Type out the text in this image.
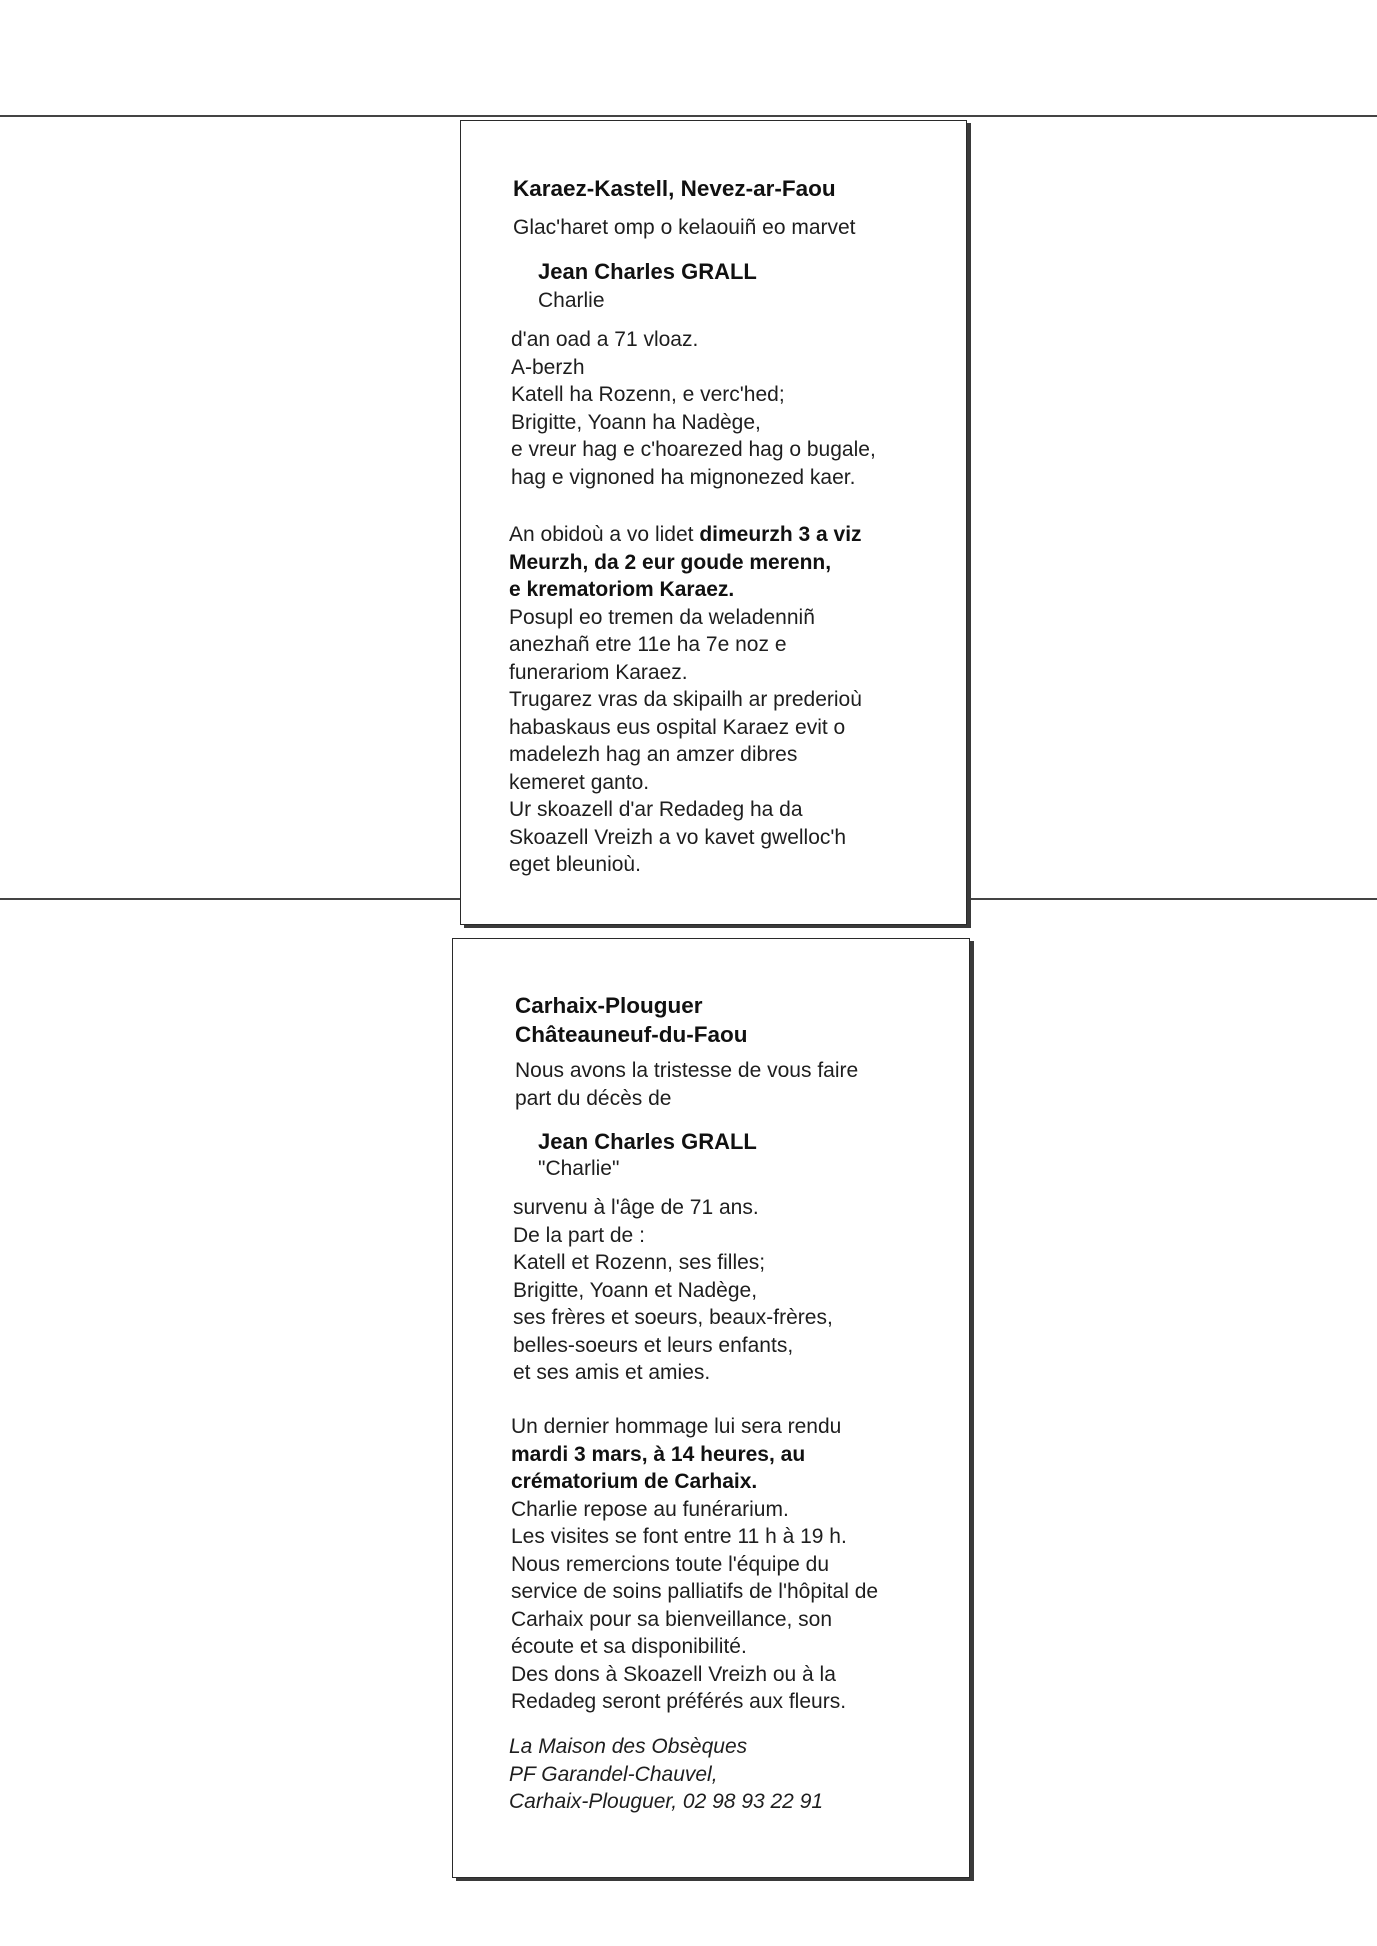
Karaez-Kastell, Nevez-ar-Faou
Glac'haret omp o kelaouiñ eo marvet
Jean Charles GRALL
Charlie
d'an oad a 71 vloaz.
A-berzh
Katell ha Rozenn, e verc'hed;
Brigitte, Yoann ha Nadège,
e vreur hag e c'hoarezed hag o bugale,
hag e vignoned ha mignonezed kaer.
An obidoù a vo lidet dimeurzh 3 a viz
Meurzh, da 2 eur goude merenn,
e krematoriom Karaez.
Posupl eo tremen da weladenniñ
anezhañ etre 11e ha 7e noz e
funerariom Karaez.
Trugarez vras da skipailh ar prederioù
habaskaus eus ospital Karaez evit o
madelezh hag an amzer dibres
kemeret ganto.
Ur skoazell d'ar Redadeg ha da
Skoazell Vreizh a vo kavet gwelloc'h
eget bleunioù.
Carhaix-Plouguer
Châteauneuf-du-Faou
Nous avons la tristesse de vous faire
part du décès de
Jean Charles GRALL
"Charlie"
survenu à l'âge de 71 ans.
De la part de :
Katell et Rozenn, ses filles;
Brigitte, Yoann et Nadège,
ses frères et soeurs, beaux-frères,
belles-soeurs et leurs enfants,
et ses amis et amies.
Un dernier hommage lui sera rendu
mardi 3 mars, à 14 heures, au
crématorium de Carhaix.
Charlie repose au funérarium.
Les visites se font entre 11 h à 19 h.
Nous remercions toute l'équipe du
service de soins palliatifs de l'hôpital de
Carhaix pour sa bienveillance, son
écoute et sa disponibilité.
Des dons à Skoazell Vreizh ou à la
Redadeg seront préférés aux fleurs.
La Maison des Obsèques
PF Garandel-Chauvel,
Carhaix-Plouguer, 02 98 93 22 91
